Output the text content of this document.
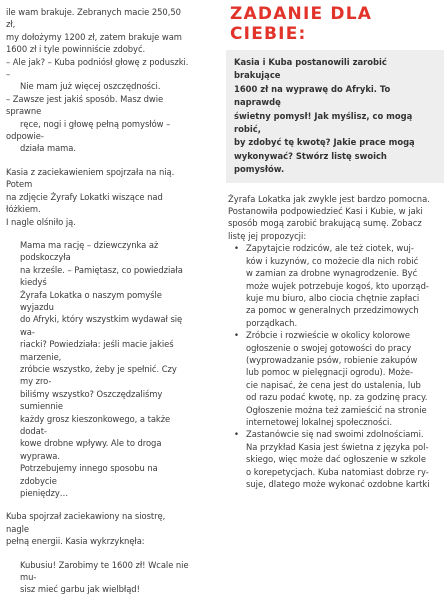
ile wam brakuje. Zebranych macie 250,50 zł,
my dołożymy 1200 zł, zatem brakuje wam
1600 zł i tyle powinniście zdobyć.
– Ale jak? – Kuba podniósł głowę z poduszki. –
Nie mam już więcej oszczędności.
– Zawsze jest jakiś sposób. Masz dwie sprawne
ręce, nogi i głowę pełną pomysłów – odpowie-
działa mama.

Kasia z zaciekawieniem spojrzała na nią. Potem
na zdjęcie Żyrafy Lokatki wiszące nad łóżkiem.
I nagle olśniło ją.

Mama ma rację – dziewczynka aż podskoczyła
na krześle. – Pamiętasz, co powiedziała kiedyś
Żyrafa Lokatka o naszym pomyśle wyjazdu
do Afryki, który wszystkim wydawał się wa-
riacki? Powiedziała: jeśli macie jakieś marzenie,
zróbcie wszystko, żeby je spełnić. Czy my zro-
biliśmy wszystko? Oszczędzaliśmy sumiennie
każdy grosz kieszonkowego, a także dodat-
kowe drobne wpływy. Ale to droga wyprawa.
Potrzebujemy innego sposobu na zdobycie
pieniędzy…

Kuba spojrzał zaciekawiony na siostrę, nagle
pełną energii. Kasia wykrzyknęła:

Kubusiu! Zarobimy te 1600 zł! Wcale nie mu-
sisz mieć garbu jak wielbłąd!

ZADANIE DLA CIEBIE:
Kasia i Kuba postanowili zarobić brakujące
1600 zł na wyprawę do Afryki. To naprawdę
świetny pomysł! Jak myślisz, co mogą robić,
by zdobyć tę kwotę? Jakie prace mogą
wykonywać? Stwórz listę swoich pomysłów.

Żyrafa Lokatka jak zwykle jest bardzo pomocna.
Postanowiła podpowiedzieć Kasi i Kubie, w jaki
sposób mogą zarobić brakującą sumę. Zobacz
listę jej propozycji:

• Zapytajcie rodziców, ale też ciotek, wuj-
ków i kuzynów, co możecie dla nich robić
w zamian za drobne wynagrodzenie. Być
może wujek potrzebuje kogoś, kto uporząd-
kuje mu biuro, albo ciocia chętnie zapłaci
za pomoc w generalnych przedzimowych
porządkach.
• Zróbcie i rozwieście w okolicy kolorowe
ogłoszenie o swojej gotowości do pracy
(wyprowadzanie psów, robienie zakupów
lub pomoc w pielęgnacji ogrodu). Może-
cie napisać, że cena jest do ustalenia, lub
od razu podać kwotę, np. za godzinę pracy.
Ogłoszenie można też zamieścić na stronie
internetowej lokalnej społeczności.
• Zastanówcie się nad swoimi zdolnościami.
Na przykład Kasia jest świetna z języka pol-
skiego, więc może dać ogłoszenie w szkole
o korepetycjach. Kuba natomiast dobrze ry-
suje, dlatego może wykonać ozdobne kartki
